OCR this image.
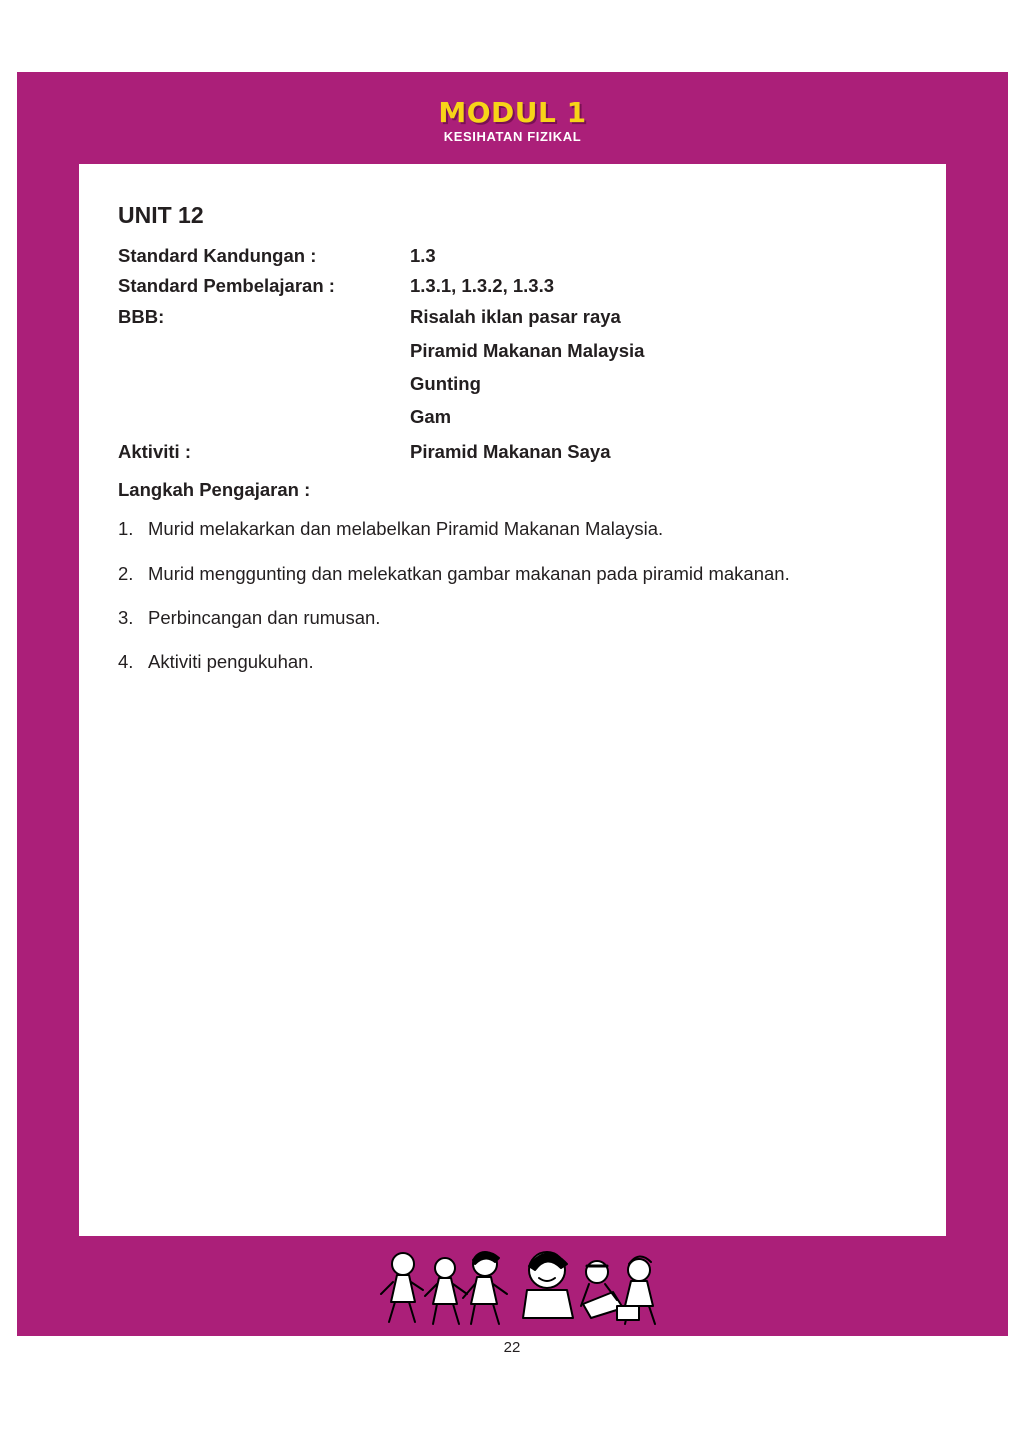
MODUL 1
KESIHATAN FIZIKAL
UNIT 12
Standard Kandungan :	1.3
Standard Pembelajaran :	1.3.1, 1.3.2, 1.3.3
BBB:	Risalah iklan pasar raya
Piramid Makanan Malaysia
Gunting
Gam
Aktiviti :	Piramid Makanan Saya
Langkah Pengajaran :
1. Murid melakarkan dan melabelkan Piramid Makanan Malaysia.
2. Murid menggunting dan melekatkan gambar makanan pada piramid makanan.
3. Perbincangan dan rumusan.
4. Aktiviti pengukuhan.
22
